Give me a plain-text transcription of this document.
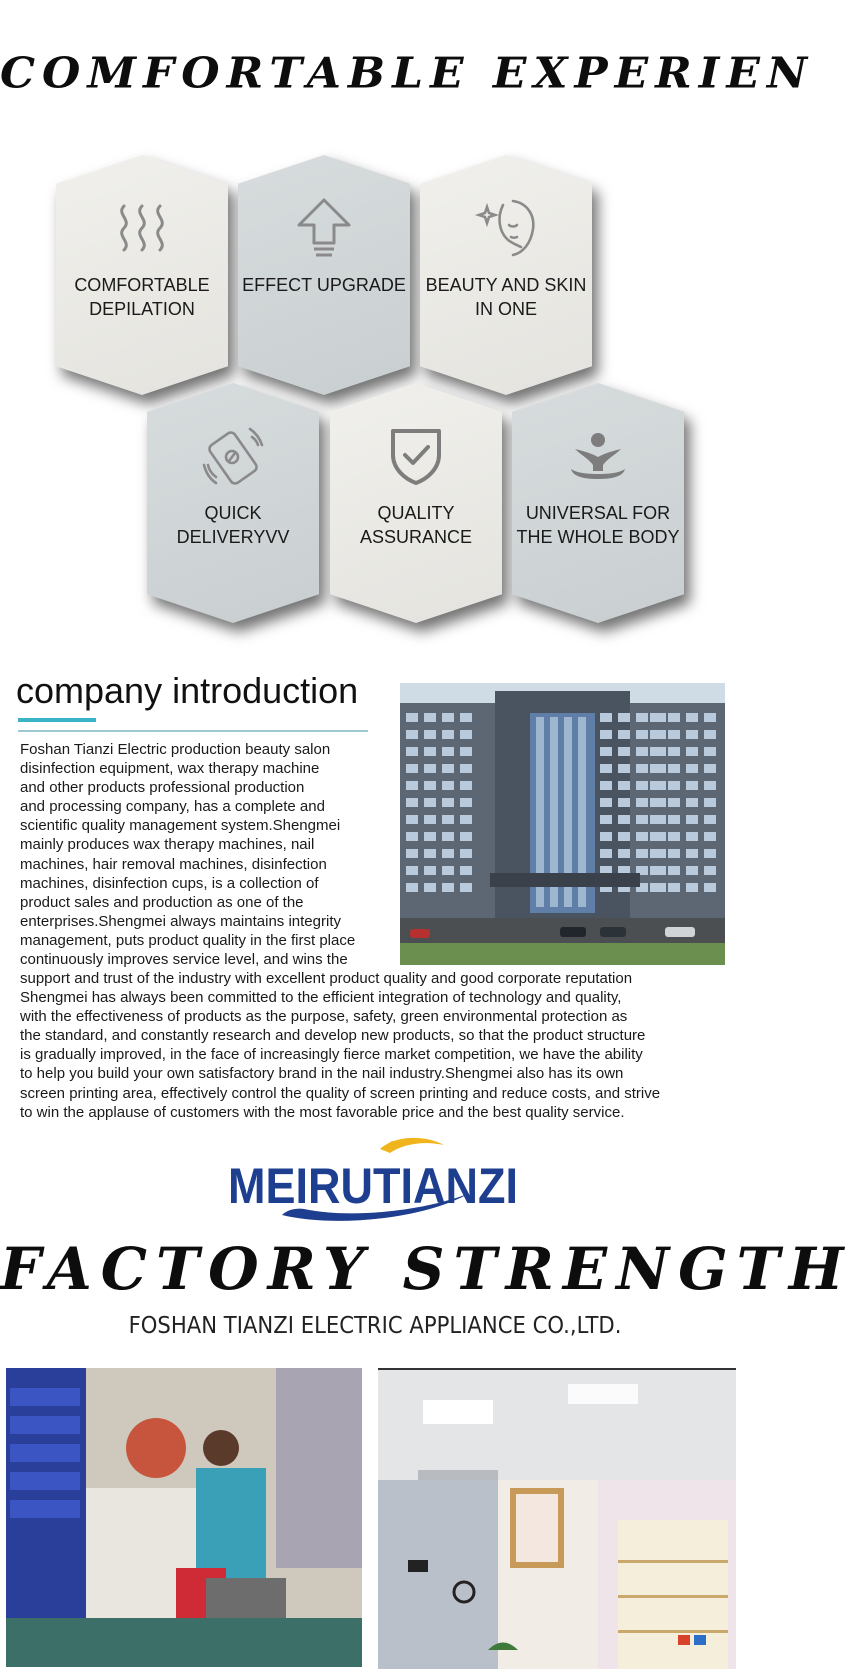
COMFORTABLE EXPERIEN
COMFORTABLE DEPILATION
EFFECT UPGRADE BEAUTY AND SKIN IN ONE
QUICK DELIVERYVV
QUALITY ASSURANCE
UNIVERSAL FOR THE WHOLE BODY
company introduction
Foshan Tianzi Electric production beauty salon
disinfection equipment, wax therapy machine
and other products professional production
and processing company, has a complete and
scientific quality management system.Shengmei
mainly produces wax therapy machines, nail
machines, hair removal machines, disinfection
machines, disinfection cups, is a collection of
product sales and production as one of the
enterprises.Shengmei always maintains integrity
management, puts product quality in the first place
continuously improves service level, and wins the
support and trust of the industry with excellent product quality and good corporate reputation
Shengmei has always been committed to the efficient integration of technology and quality,
with the effectiveness of products as the purpose, safety, green environmental protection as
the standard, and constantly research and develop new products, so that the product structure
is gradually improved, in the face of increasingly fierce market competition, we have the ability
to help you build your own satisfactory brand in the nail industry.Shengmei also has its own
screen printing area, effectively control the quality of screen printing and reduce costs, and strive
to win the applause of customers with the most favorable price and the best quality service.
MEIRUTIANZI
FACTORY STRENGTH
FOSHAN TIANZI ELECTRIC APPLIANCE CO.,LTD.
